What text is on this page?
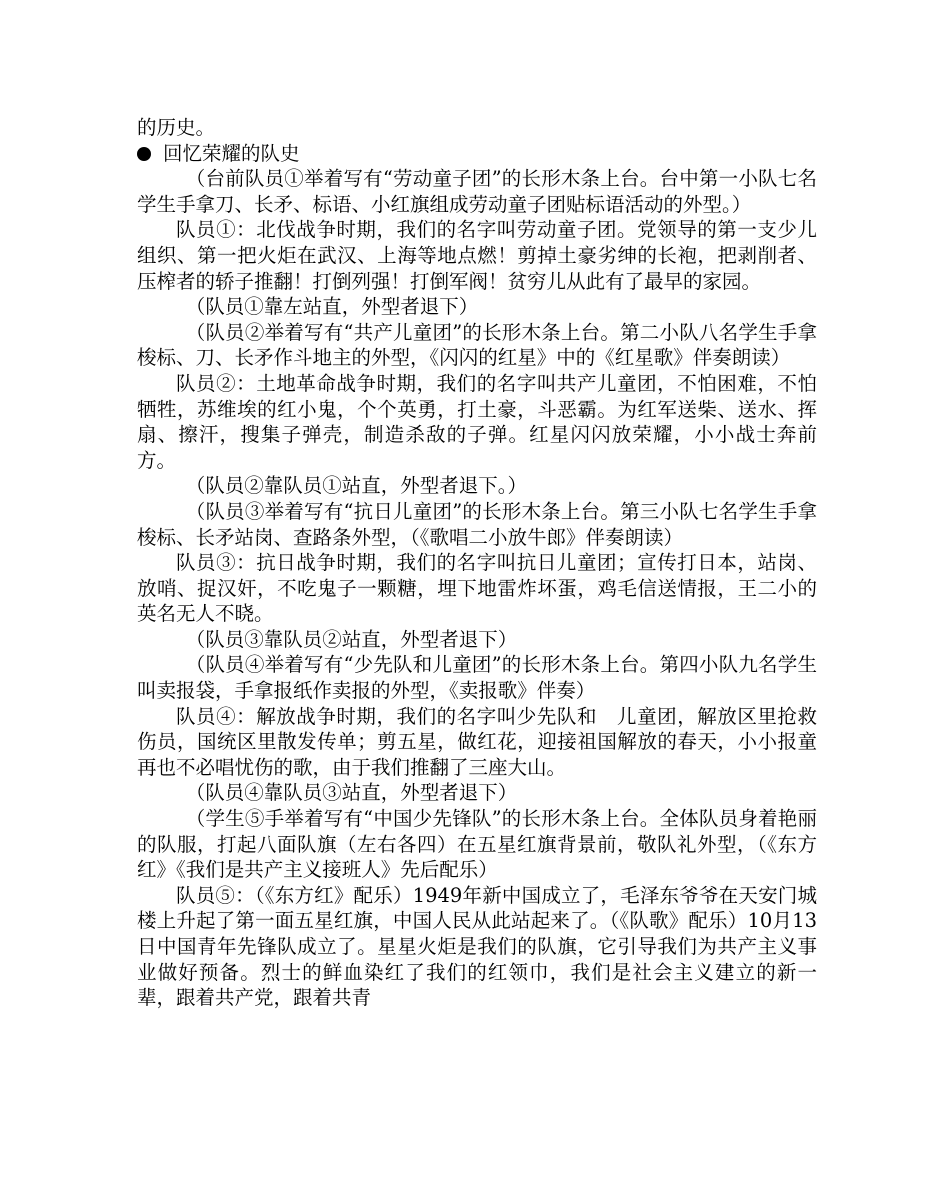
的历史。

回忆荣耀的队史

（台前队员①举着写有“劳动童子团”的长形木条上台。台中第一小队七名学生手拿刀、长矛、标语、小红旗组成劳动童子团贴标语活动的外型。）

队员①：北伐战争时期，我们的名字叫劳动童子团。党领导的第一支少儿组织、第一把火炬在武汉、上海等地点燃！剪掉土豪劣绅的长袍，把剥削者、压榨者的轿子推翻！打倒列强！打倒军阀！贫穷儿从此有了最早的家园。

（队员①靠左站直，外型者退下）

（队员②举着写有“共产儿童团”的长形木条上台。第二小队八名学生手拿梭标、刀、长矛作斗地主的外型，《闪闪的红星》中的《红星歌》伴奏朗读）

队员②：土地革命战争时期，我们的名字叫共产儿童团，不怕困难，不怕牺牲，苏维埃的红小鬼，个个英勇，打土豪，斗恶霸。为红军送柴、送水、挥扇、擦汗，搜集子弹壳，制造杀敌的子弹。红星闪闪放荣耀，小小战士奔前方。

（队员②靠队员①站直，外型者退下。）

（队员③举着写有“抗日儿童团”的长形木条上台。第三小队七名学生手拿梭标、长矛站岗、查路条外型，（《歌唱二小放牛郎》伴奏朗读）

队员③：抗日战争时期，我们的名字叫抗日儿童团；宣传打日本，站岗、放哨、捉汉奸，不吃鬼子一颗糖，埋下地雷炸坏蛋，鸡毛信送情报，王二小的英名无人不晓。

（队员③靠队员②站直，外型者退下）

（队员④举着写有“少先队和儿童团”的长形木条上台。第四小队九名学生叫卖报袋，手拿报纸作卖报的外型，《卖报歌》伴奏）

队员④：解放战争时期，我们的名字叫少先队和　儿童团，解放区里抢救伤员，国统区里散发传单；剪五星，做红花，迎接祖国解放的春天，小小报童再也不必唱忧伤的歌，由于我们推翻了三座大山。

（队员④靠队员③站直，外型者退下）

（学生⑤手举着写有“中国少先锋队”的长形木条上台。全体队员身着艳丽的队服，打起八面队旗（左右各四）在五星红旗背景前，敬队礼外型，（《东方红》《我们是共产主义接班人》先后配乐）

队员⑤：（《东方红》配乐）1949年新中国成立了，毛泽东爷爷在天安门城楼上升起了第一面五星红旗，中国人民从此站起来了。（《队歌》配乐）10月13日中国青年先锋队成立了。星星火炬是我们的队旗，它引导我们为共产主义事业做好预备。烈士的鲜血染红了我们的红领巾，我们是社会主义建立的新一辈，跟着共产党，跟着共青
